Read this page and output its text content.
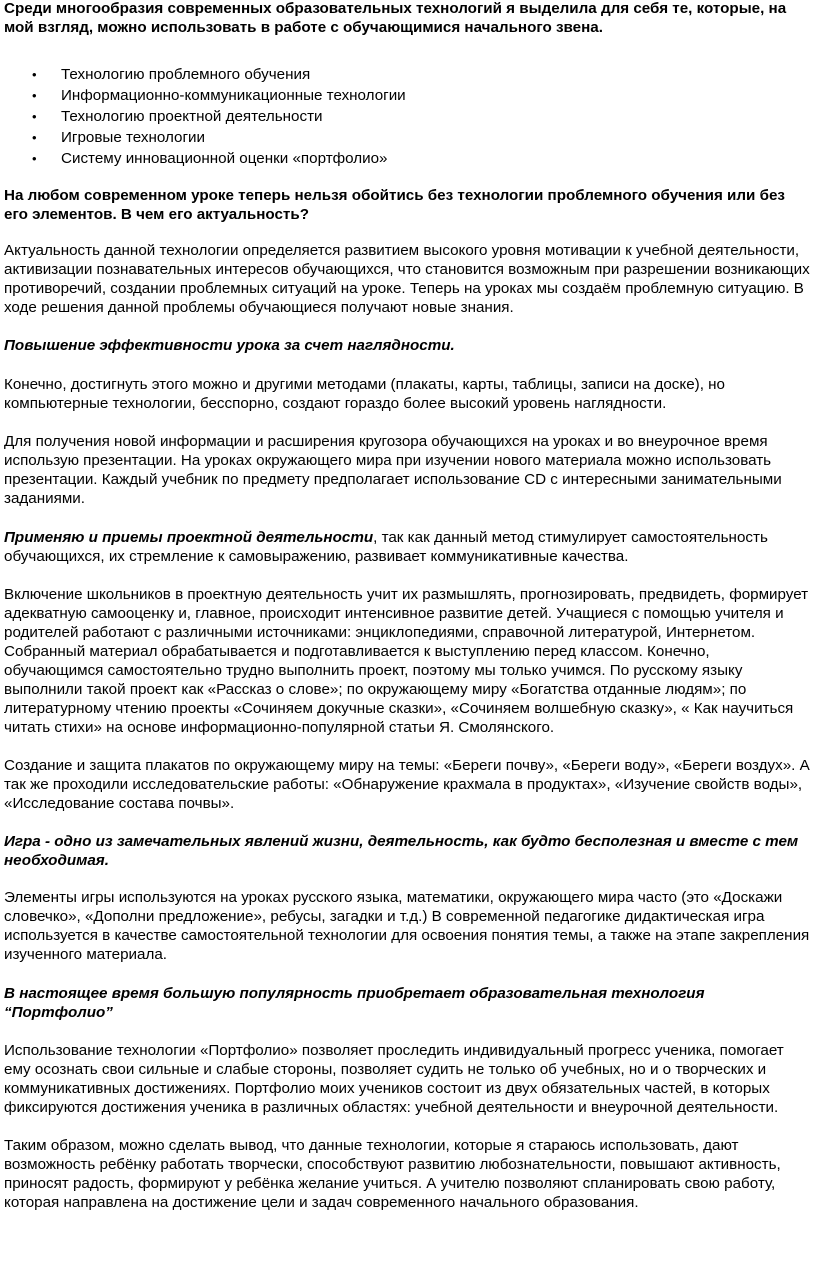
Среди многообразия современных образовательных технологий я выделила для себя те, которые, на мой взгляд, можно использовать в работе с обучающимися начального звена.

• Технологию проблемного обучения
• Информационно-коммуникационные технологии
• Технологию проектной деятельности
• Игровые технологии
• Систему инновационной оценки «портфолио»

На любом современном уроке теперь нельзя обойтись без технологии проблемного обучения или без его элементов. В чем его актуальность?

Актуальность данной технологии определяется развитием высокого уровня мотивации к учебной деятельности, активизации познавательных интересов обучающихся, что становится возможным при разрешении возникающих противоречий, создании проблемных ситуаций на уроке. Теперь на уроках мы создаём проблемную ситуацию. В ходе решения данной проблемы обучающиеся получают новые знания.

Повышение эффективности урока за счет наглядности.

Конечно, достигнуть этого можно и другими методами (плакаты, карты, таблицы, записи на доске), но компьютерные технологии, бесспорно, создают гораздо более высокий уровень наглядности.

Для получения новой информации и расширения кругозора обучающихся на уроках и во внеурочное время использую презентации. На уроках окружающего мира при изучении нового материала можно использовать презентации. Каждый учебник по предмету предполагает использование CD с интересными занимательными заданиями.

Применяю и приемы проектной деятельности, так как данный метод стимулирует самостоятельность обучающихся, их стремление к самовыражению, развивает коммуникативные качества.

Включение школьников в проектную деятельность учит их размышлять, прогнозировать, предвидеть, формирует адекватную самооценку и, главное, происходит интенсивное развитие детей. Учащиеся с помощью учителя и родителей работают с различными источниками: энциклопедиями, справочной литературой, Интернетом. Собранный материал обрабатывается и подготавливается к выступлению перед классом. Конечно, обучающимся самостоятельно трудно выполнить проект, поэтому мы только учимся. По русскому языку выполнили такой проект как «Рассказ о слове»; по окружающему миру «Богатства отданные людям»; по литературному чтению проекты «Сочиняем докучные сказки», «Сочиняем волшебную сказку», « Как научиться читать стихи» на основе информационно-популярной статьи Я. Смолянского.

Создание и защита плакатов по окружающему миру на темы: «Береги почву», «Береги воду», «Береги воздух». А так же проходили исследовательские работы: «Обнаружение крахмала в продуктах», «Изучение свойств воды», «Исследование состава почвы».

Игра - одно из замечательных явлений жизни, деятельность, как будто бесполезная и вместе с тем необходимая.

Элементы игры используются на уроках русского языка, математики, окружающего мира часто (это «Доскажи словечко», «Дополни предложение», ребусы, загадки и т.д.) В современной педагогике дидактическая игра используется в качестве самостоятельной технологии для освоения понятия темы, а также на этапе закрепления изученного материала.

В настоящее время большую популярность приобретает образовательная технология “Портфолио”

Использование технологии «Портфолио» позволяет проследить индивидуальный прогресс ученика, помогает ему осознать свои сильные и слабые стороны, позволяет судить не только об учебных, но и о творческих и коммуникативных достижениях. Портфолио моих учеников состоит из двух обязательных частей, в которых фиксируются достижения ученика в различных областях: учебной деятельности и внеурочной деятельности.

Таким образом, можно сделать вывод, что данные технологии, которые я стараюсь использовать, дают возможность ребёнку работать творчески, способствуют развитию любознательности, повышают активность, приносят радость, формируют у ребёнка желание учиться. А учителю позволяют спланировать свою работу, которая направлена на достижение цели и задач современного начального образования.
